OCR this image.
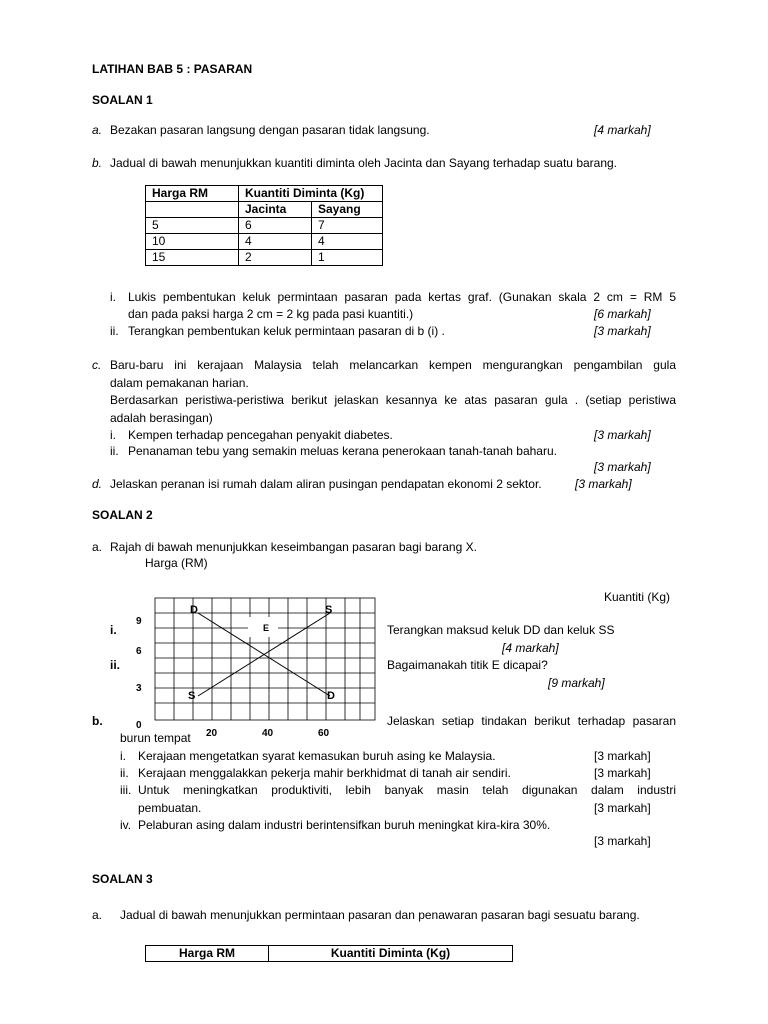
LATIHAN BAB 5 : PASARAN
SOALAN 1
a. Bezakan pasaran langsung dengan pasaran tidak langsung.	[4 markah]
b. Jadual di bawah menunjukkan kuantiti diminta oleh Jacinta dan Sayang terhadap suatu barang.
Harga RM	Kuantiti Diminta (Kg)	
	Jacinta	Sayang
5	6	7
10	4	4
15	2	1
i. Lukis pembentukan keluk permintaan pasaran pada kertas graf. (Gunakan skala 2 cm = RM 5
dan pada paksi harga 2 cm = 2 kg pada pasi kuantiti.)	[6 markah]
ii. Terangkan pembentukan keluk permintaan pasaran di b (i) .	[3 markah]
c. Baru-baru ini kerajaan Malaysia telah melancarkan kempen mengurangkan pengambilan gula
dalam pemakanan harian.
Berdasarkan peristiwa-peristiwa berikut jelaskan kesannya ke atas pasaran gula . (setiap peristiwa
adalah berasingan)
i. Kempen terhadap pencegahan penyakit diabetes.	[3 markah]
ii. Penanaman tebu yang semakin meluas kerana penerokaan tanah-tanah baharu.
[3 markah]
d. Jelaskan peranan isi rumah dalam aliran pusingan pendapatan ekonomi 2 sektor.	[3 markah]
SOALAN 2
a. Rajah di bawah menunjukkan keseimbangan pasaran bagi barang X.
Harga (RM)
Kuantiti (Kg)
D	S
E
S	D
9
6
3
0
20	40	60
i.	Terangkan maksud keluk DD dan keluk SS
[4 markah]
ii.	Bagaimanakah titik E dicapai?
[9 markah]
b.	Jelaskan setiap tindakan berikut terhadap pasaran
burun tempat
i. Kerajaan mengetatkan syarat kemasukan buruh asing ke Malaysia.	[3 markah]
ii. Kerajaan menggalakkan pekerja mahir berkhidmat di tanah air sendiri.	[3 markah]
iii. Untuk meningkatkan produktiviti, lebih banyak masin telah digunakan dalam industri
pembuatan.	[3 markah]
iv. Pelaburan asing dalam industri berintensifkan buruh meningkat kira-kira 30%.
[3 markah]
SOALAN 3
a. Jadual di bawah menunjukkan permintaan pasaran dan penawaran pasaran bagi sesuatu barang.
Harga RM	Kuantiti Diminta (Kg)
